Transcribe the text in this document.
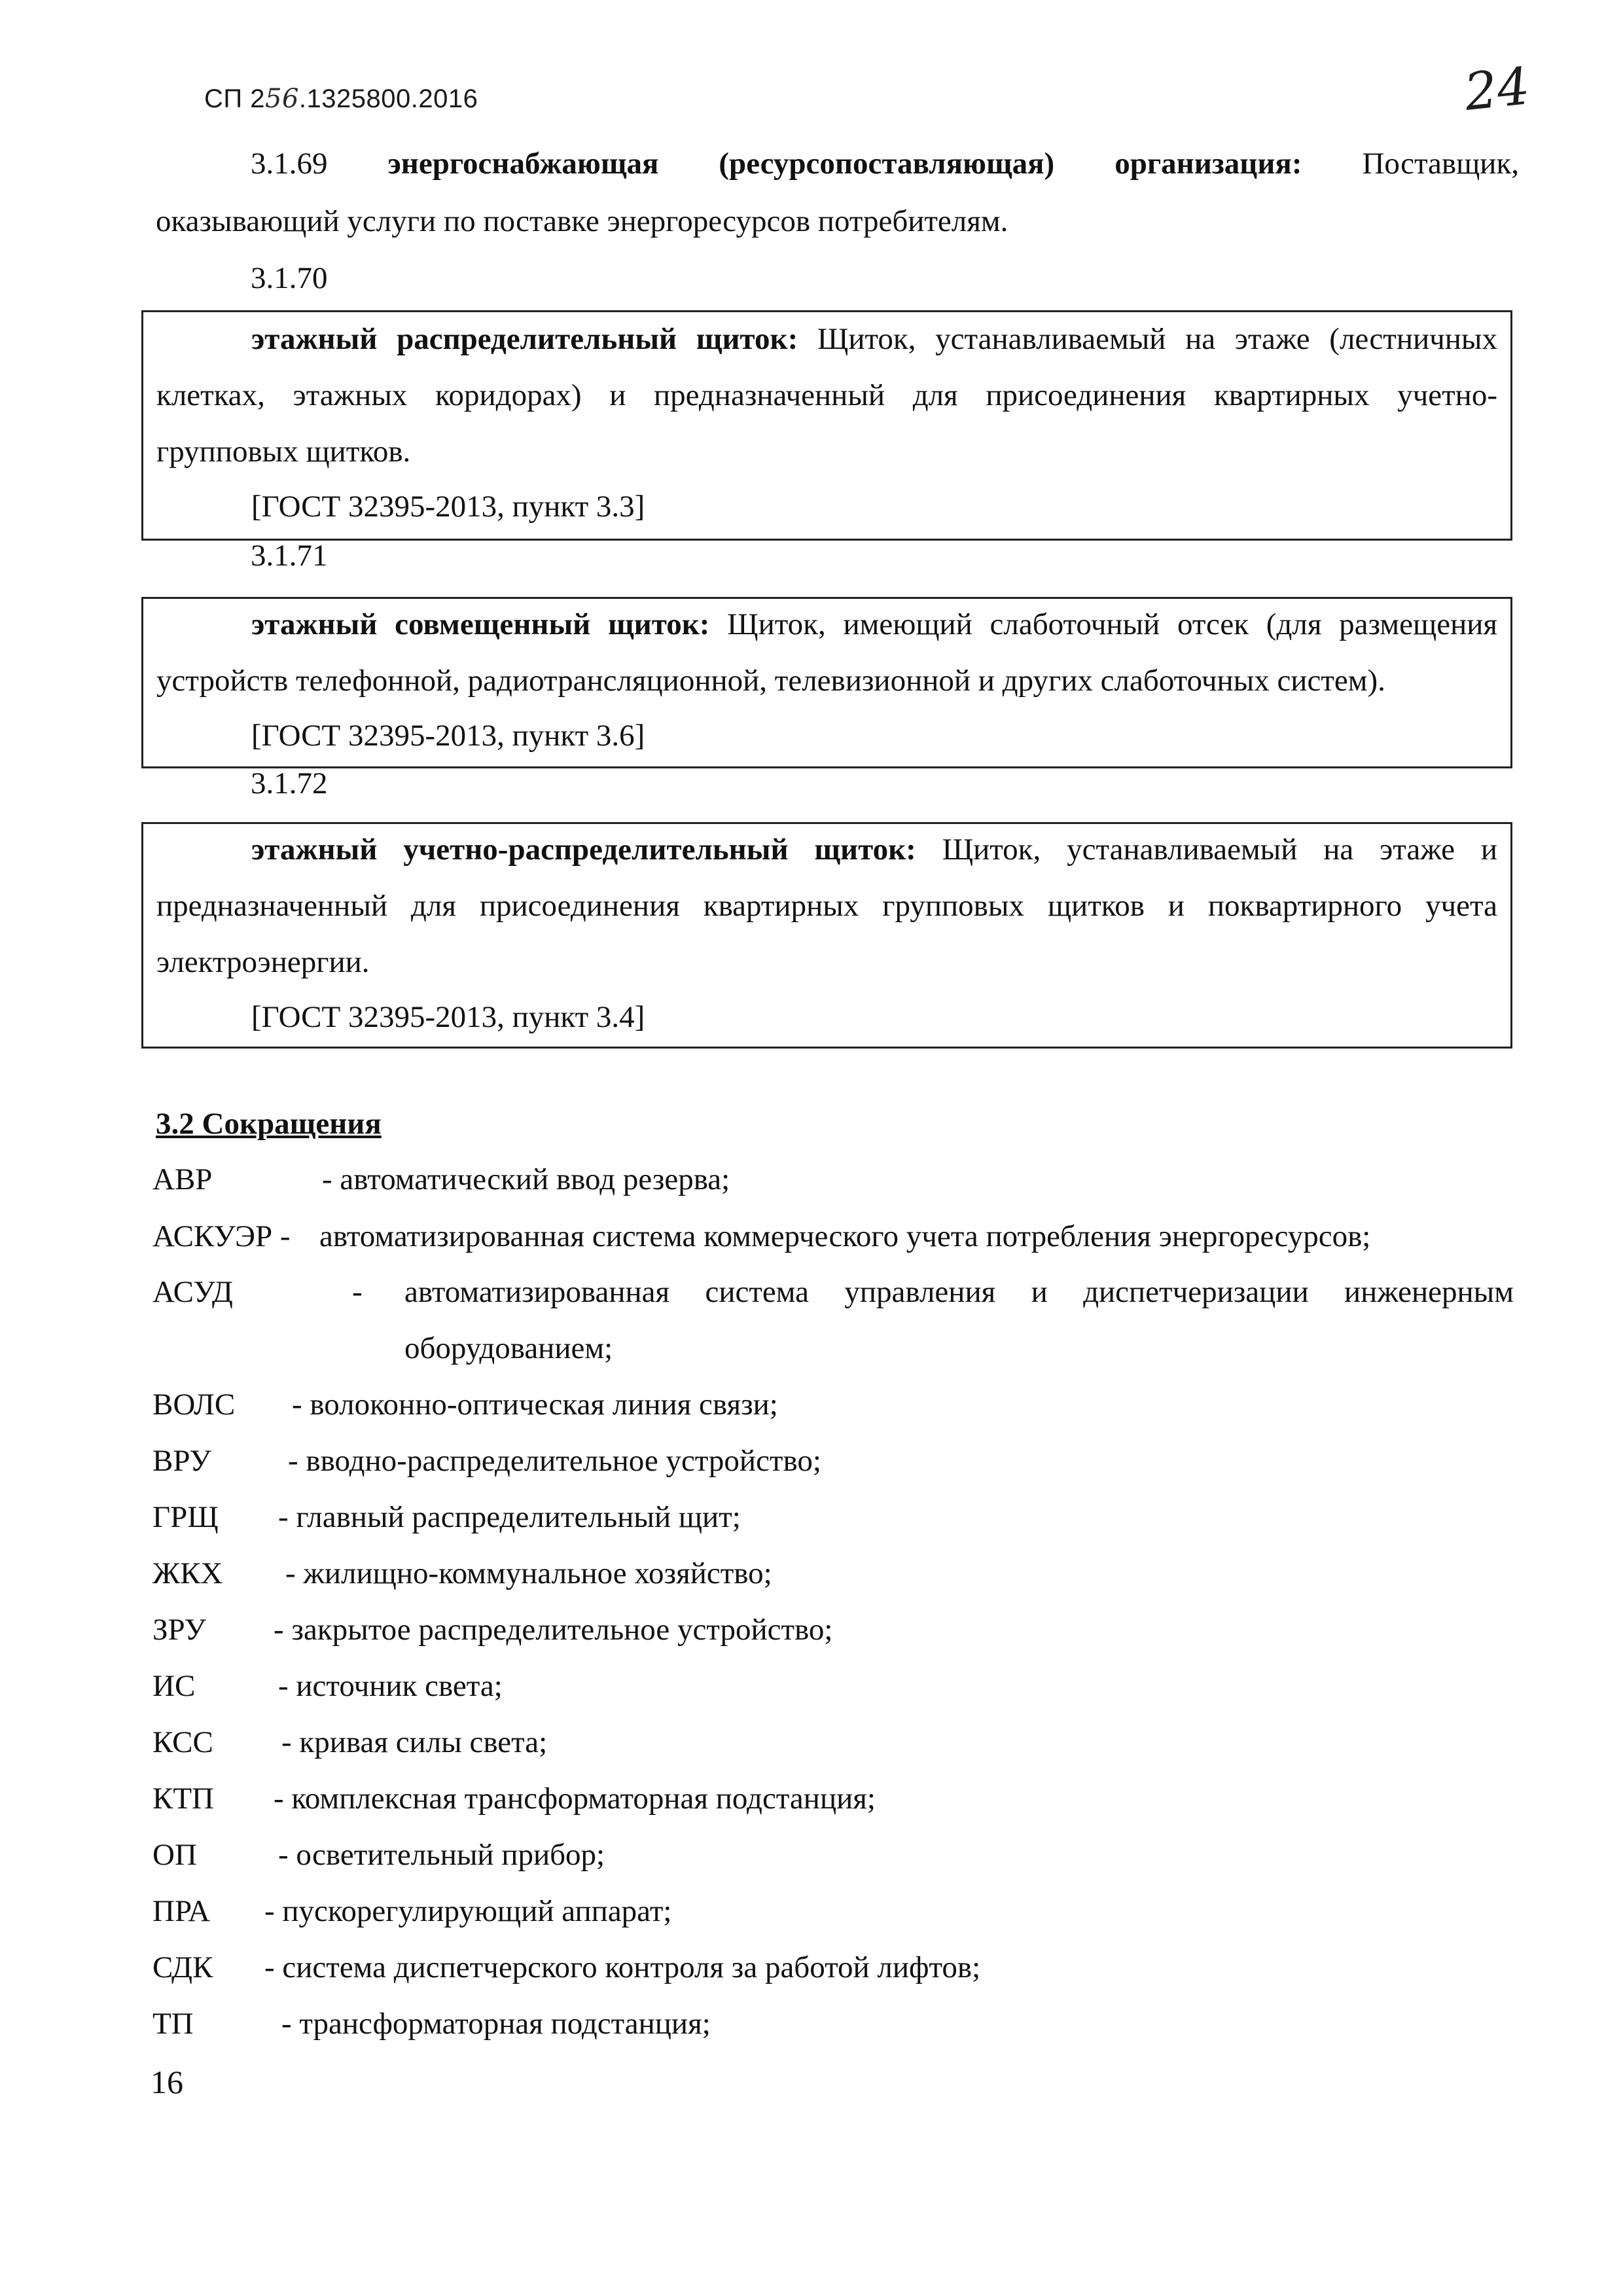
СП 256.1325800.2016	24
3.1.69 энергоснабжающая (ресурсопоставляющая) организация: Поставщик,
оказывающий услуги по поставке энергоресурсов потребителям.
3.1.70
этажный распределительный щиток: Щиток, устанавливаемый на этаже (лестничных
клетках, этажных коридорах) и предназначенный для присоединения квартирных учетно-
групповых щитков.
[ГОСТ 32395-2013, пункт 3.3]
3.1.71
этажный совмещенный щиток: Щиток, имеющий слаботочный отсек (для размещения
устройств телефонной, радиотрансляционной, телевизионной и других слаботочных систем).
[ГОСТ 32395-2013, пункт 3.6]
3.1.72
этажный учетно-распределительный щиток: Щиток, устанавливаемый на этаже и
предназначенный для присоединения квартирных групповых щитков и поквартирного учета
электроэнергии.
[ГОСТ 32395-2013, пункт 3.4]
3.2 Сокращения
АВР	- автоматический ввод резерва;
АСКУЭР - автоматизированная система коммерческого учета потребления энергоресурсов;
АСУД	- автоматизированная система управления и диспетчеризации инженерным
оборудованием;
ВОЛС - волоконно-оптическая линия связи;
ВРУ - вводно-распределительное устройство;
ГРЩ - главный распределительный щит;
ЖКХ - жилищно-коммунальное хозяйство;
ЗРУ - закрытое распределительное устройство;
ИС	- источник света;
КСС - кривая силы света;
КТП - комплексная трансформаторная подстанция;
ОП	- осветительный прибор;
ПРА - пускорегулирующий аппарат;
СДК - система диспетчерского контроля за работой лифтов;
ТП	- трансформаторная подстанция;
16
